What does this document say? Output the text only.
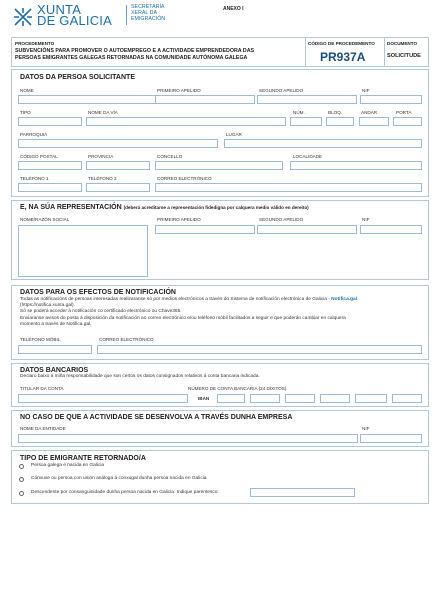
XUNTA
DE GALICIA
SECRETARÍA
XERAL DA
EMIGRACIÓN
ANEXO I
PROCEDEMENTO
SUBVENCIÓNS PARA PROMOVER O AUTOEMPREGO E A ACTIVIDADE EMPRENDEDORA DAS
PERSOAS EMIGRANTES GALEGAS RETORNADAS NA COMUNIDADE AUTÓNOMA GALEGA
CÓDIGO DE PROCEDEMENTO
PR937A
DOCUMENTO
SOLICITUDE
DATOS DA PERSOA SOLICITANTE
NOME	PRIMEIRO APELIDO	SEGUNDO APELIDO	NIF
TIPO	NOME DA VÍA	NÚM.	BLOQ.	ANDAR	PORTA
PARROQUIA	LUGAR
CÓDIGO POSTAL	PROVINCIA	CONCELLO	LOCALIDADE
TELÉFONO 1	TELÉFONO 2	CORREO ELECTRÓNICO
E, NA SÚA REPRESENTACIÓN (deberá acreditarse a representación fidedigna por calquera medio válido en dereito)
NOME/RAZÓN SOCIAL	PRIMEIRO APELIDO	SEGUNDO APELIDO	NIF
DATOS PARA OS EFECTOS DE NOTIFICACIÓN
Todas as notificacións de persoas interesadas realizaranse só por medios electrónicos a través do Sistema de notificación electrónica de Galicia - Notifica.gal
(https://notifica.xunta.gal).
Só se poderá acceder á notificación co certificado electrónico ou Chave365.
Enviaranse avisos do posta á disposición da notificación ao correo electrónico e/ou teléfono móbil facilitados a seguir e que poderán cambiar en calquera
momento a través de Notifica.gal.
TELÉFONO MÓBIL	CORREO ELECTRÓNICO
DATOS BANCARIOS
Declaro baixo a miña responsabilidade que son certos os datos consignados relativos á conta bancaria indicada.
TITULAR DA CONTA	NÚMERO DE CONTA BANCARIA (24 DÍXITOS)
IBAN
NO CASO DE QUE A ACTIVIDADE SE DESENVOLVA A TRAVÉS DUNHA EMPRESA
NOME DA ENTIDADE	NIF
TIPO DE EMIGRANTE RETORNADO/A
Persoa galega e nacida en Galicia
Cónxuxe ou persoa con unión análoga á conxugal dunha persoa nacida en Galicia
Descendente por consanguinidade dunha persoa nacida en Galicia. Indique parentesco:
